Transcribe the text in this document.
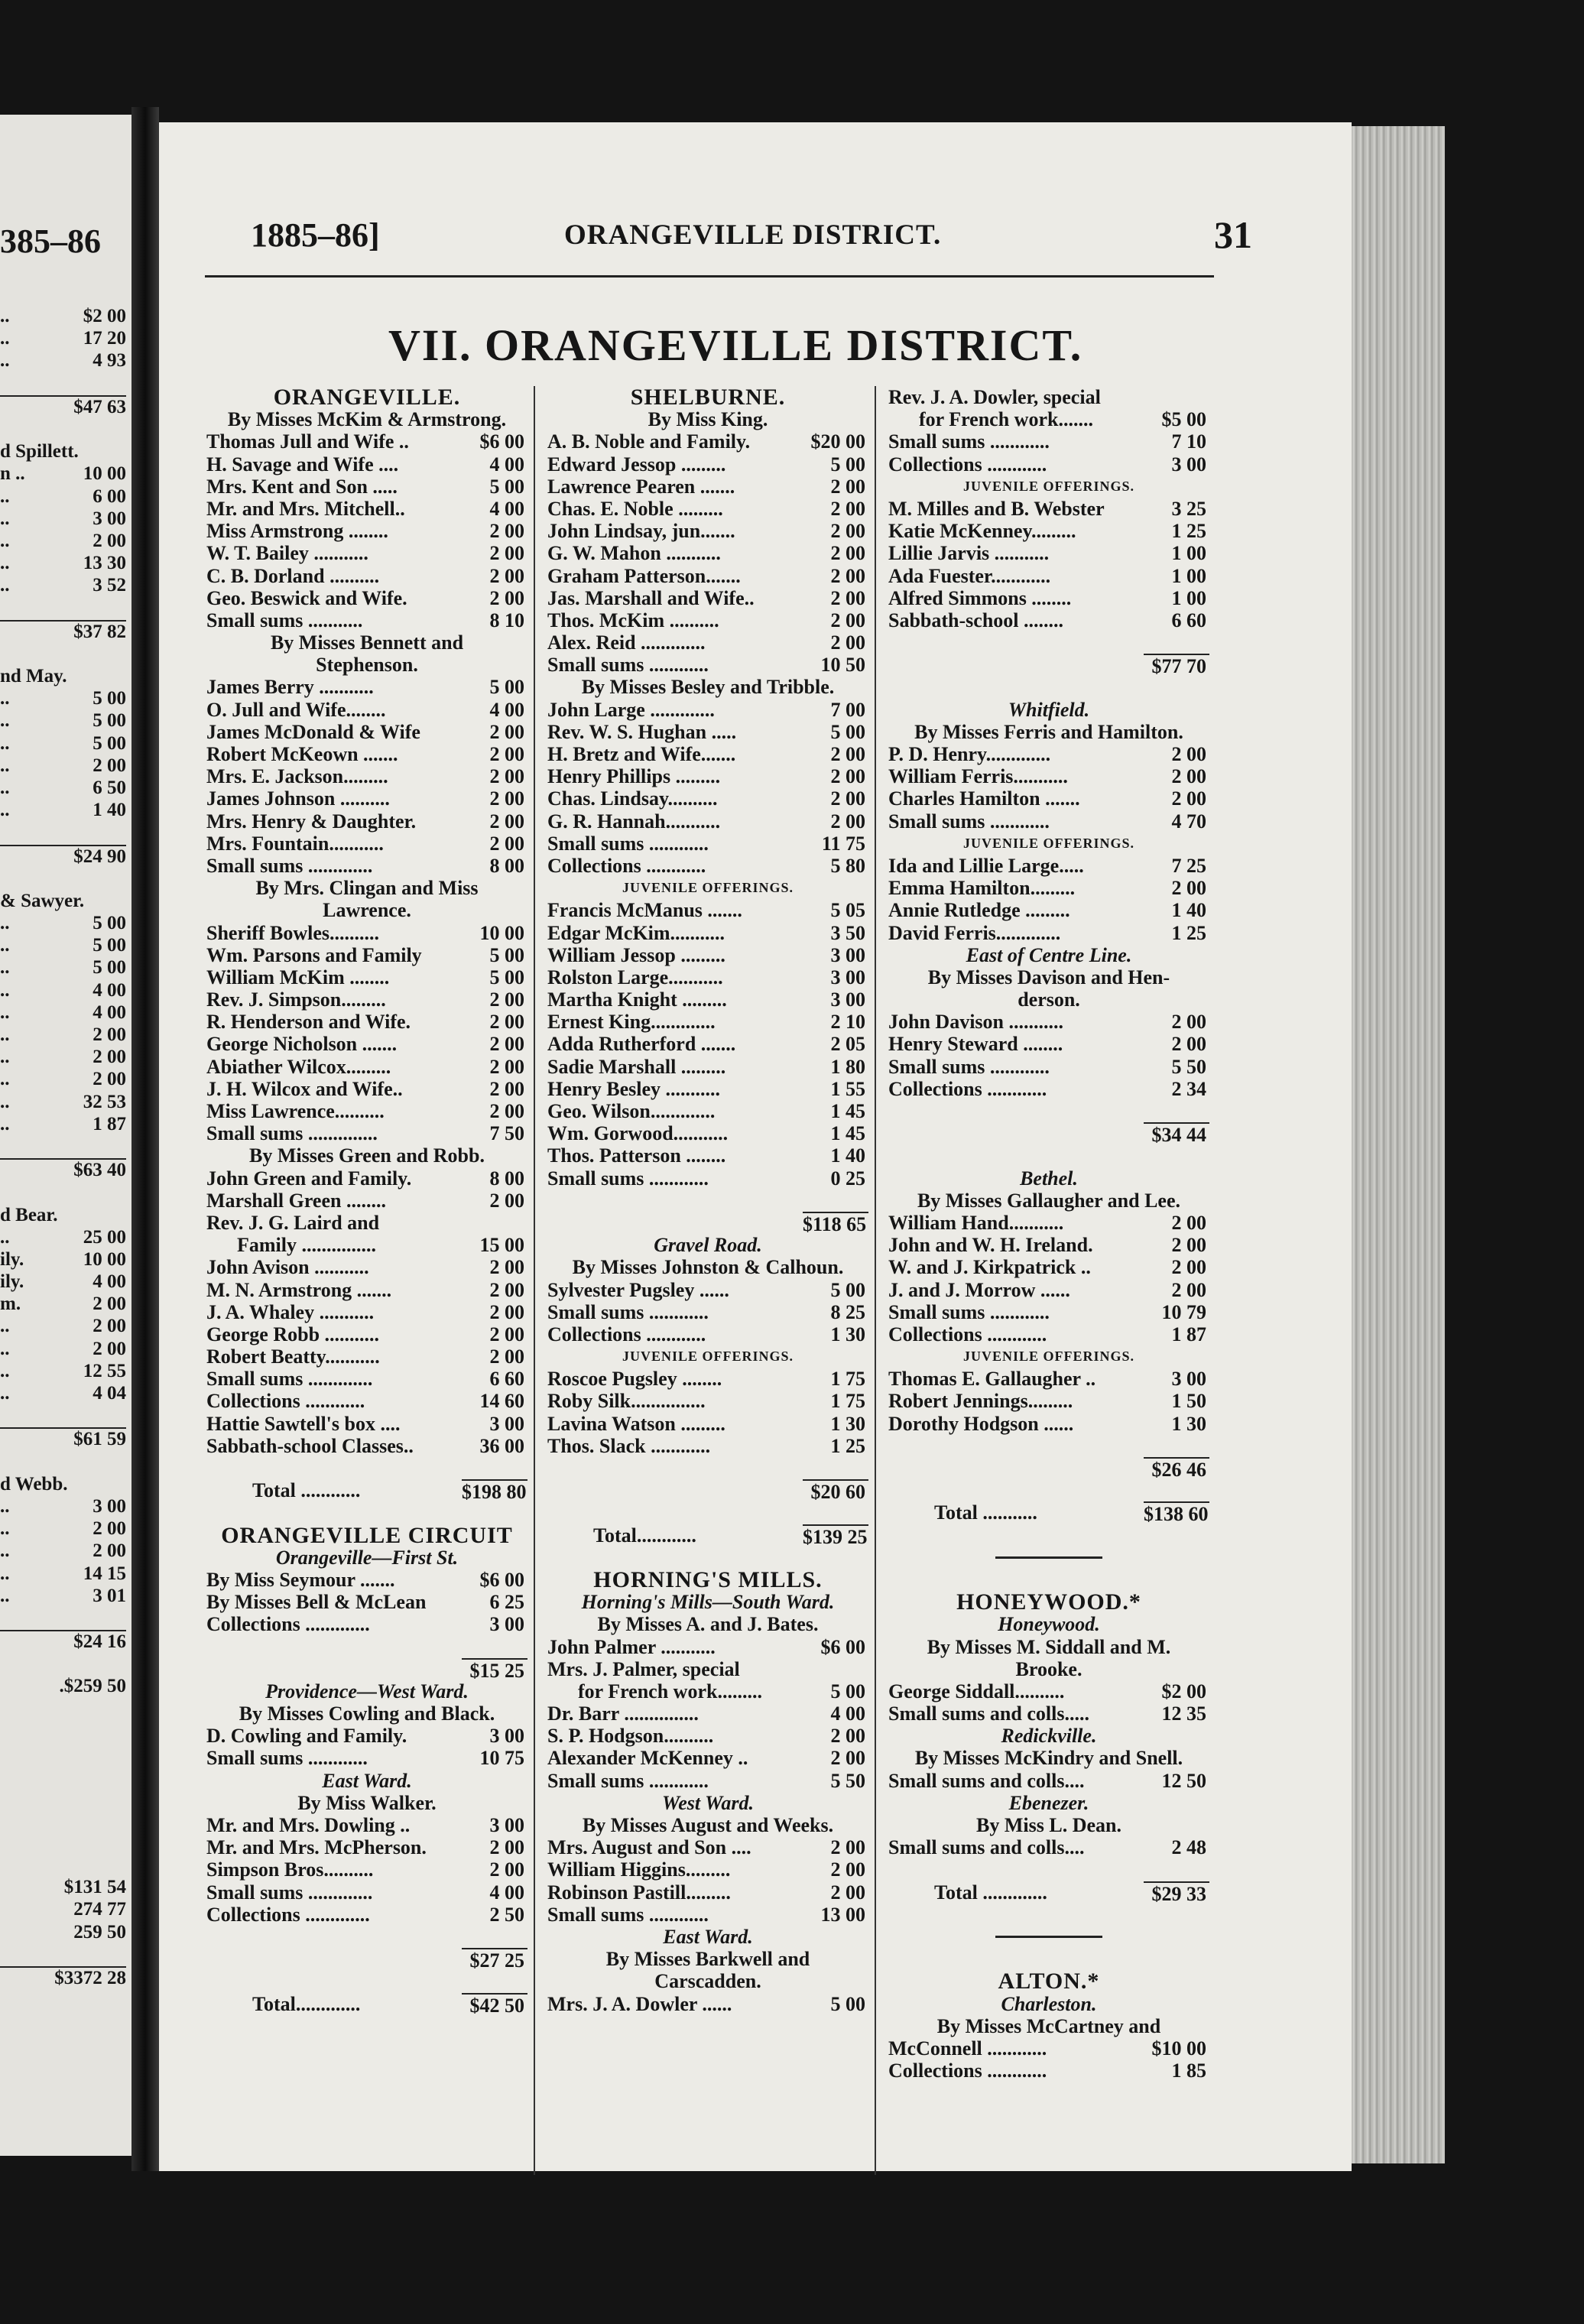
385–86
..	$2 00
..	17 20
..	4 93
$47 63
d Spillett.
n ..	10 00
..	6 00
..	3 00
..	2 00
..	13 30
..	3 52
$37 82
nd May.
..	5 00
..	5 00
..	5 00
..	2 00
..	6 50
..	1 40
$24 90
& Sawyer.
..	5 00
..	5 00
..	5 00
..	4 00
..	4 00
..	2 00
..	2 00
..	2 00
..	32 53
..	1 87
$63 40
d Bear.
..	25 00
ily.	10 00
ily.	4 00
m.	2 00
..	2 00
..	2 00
..	12 55
..	4 04
$61 59
d Webb.
..	3 00
..	2 00
..	2 00
..	14 15
..	3 01
$24 16
.$259 50
$131 54
274 77
259 50
$3372 28
1885–86]	ORANGEVILLE DISTRICT.	31
VII. ORANGEVILLE DISTRICT.
ORANGEVILLE.
By Misses McKim & Armstrong.
Thomas Jull and Wife ..	$6 00
H. Savage and Wife ....	4 00
Mrs. Kent and Son .....	5 00
Mr. and Mrs. Mitchell..	4 00
Miss Armstrong ........	2 00
W. T. Bailey ...........	2 00
C. B. Dorland ..........	2 00
Geo. Beswick and Wife.	2 00
Small sums ...........	8 10
By Misses Bennett and
Stephenson.
James Berry ...........	5 00
O. Jull and Wife........	4 00
James McDonald & Wife	2 00
Robert McKeown .......	2 00
Mrs. E. Jackson.........	2 00
James Johnson ..........	2 00
Mrs. Henry & Daughter.	2 00
Mrs. Fountain...........	2 00
Small sums .............	8 00
By Mrs. Clingan and Miss
Lawrence.
Sheriff Bowles..........	10 00
Wm. Parsons and Family	5 00
William McKim ........	5 00
Rev. J. Simpson.........	2 00
R. Henderson and Wife.	2 00
George Nicholson .......	2 00
Abiather Wilcox.........	2 00
J. H. Wilcox and Wife..	2 00
Miss Lawrence..........	2 00
Small sums ..............	7 50
By Misses Green and Robb.
John Green and Family.	8 00
Marshall Green ........	2 00
Rev. J. G. Laird and
Family ...............	15 00
John Avison ...........	2 00
M. N. Armstrong .......	2 00
J. A. Whaley ...........	2 00
George Robb ...........	2 00
Robert Beatty...........	2 00
Small sums .............	6 60
Collections ............	14 60
Hattie Sawtell's box ....	3 00
Sabbath-school Classes..	36 00
Total ............	$198 80
ORANGEVILLE CIRCUIT
Orangeville—First St.
By Miss Seymour .......	$6 00
By Misses Bell & McLean	6 25
Collections .............	3 00
$15 25
Providence—West Ward.
By Misses Cowling and Black.
D. Cowling and Family.	3 00
Small sums ............	10 75
East Ward.
By Miss Walker.
Mr. and Mrs. Dowling ..	3 00
Mr. and Mrs. McPherson.	2 00
Simpson Bros..........	2 00
Small sums .............	4 00
Collections .............	2 50
$27 25
Total.............	$42 50
SHELBURNE.
By Miss King.
A. B. Noble and Family.	$20 00
Edward Jessop .........	5 00
Lawrence Pearen .......	2 00
Chas. E. Noble .........	2 00
John Lindsay, jun.......	2 00
G. W. Mahon ...........	2 00
Graham Patterson.......	2 00
Jas. Marshall and Wife..	2 00
Thos. McKim ..........	2 00
Alex. Reid .............	2 00
Small sums ............	10 50
By Misses Besley and Tribble.
John Large .............	7 00
Rev. W. S. Hughan .....	5 00
H. Bretz and Wife.......	2 00
Henry Phillips .........	2 00
Chas. Lindsay..........	2 00
G. R. Hannah...........	2 00
Small sums ............	11 75
Collections ............	5 80
JUVENILE OFFERINGS.
Francis McManus .......	5 05
Edgar McKim...........	3 50
William Jessop .........	3 00
Rolston Large...........	3 00
Martha Knight .........	3 00
Ernest King.............	2 10
Adda Rutherford .......	2 05
Sadie Marshall .........	1 80
Henry Besley ...........	1 55
Geo. Wilson.............	1 45
Wm. Gorwood...........	1 45
Thos. Patterson ........	1 40
Small sums ............	0 25
$118 65
Gravel Road.
By Misses Johnston & Calhoun.
Sylvester Pugsley ......	5 00
Small sums ............	8 25
Collections ............	1 30
JUVENILE OFFERINGS.
Roscoe Pugsley ........	1 75
Roby Silk...............	1 75
Lavina Watson .........	1 30
Thos. Slack ............	1 25
$20 60
Total............	$139 25
HORNING'S MILLS.
Horning's Mills—South Ward.
By Misses A. and J. Bates.
John Palmer ...........	$6 00
Mrs. J. Palmer, special
for French work.........	5 00
Dr. Barr ...............	4 00
S. P. Hodgson..........	2 00
Alexander McKenney ..	2 00
Small sums ............	5 50
West Ward.
By Misses August and Weeks.
Mrs. August and Son ....	2 00
William Higgins.........	2 00
Robinson Pastill.........	2 00
Small sums ............	13 00
East Ward.
By Misses Barkwell and
Carscadden.
Mrs. J. A. Dowler ......	5 00
Rev. J. A. Dowler, special
for French work.......	$5 00
Small sums ............	7 10
Collections ............	3 00
JUVENILE OFFERINGS.
M. Milles and B. Webster	3 25
Katie McKenney.........	1 25
Lillie Jarvis ...........	1 00
Ada Fuester............	1 00
Alfred Simmons ........	1 00
Sabbath-school ........	6 60
$77 70
Whitfield.
By Misses Ferris and Hamilton.
P. D. Henry.............	2 00
William Ferris...........	2 00
Charles Hamilton .......	2 00
Small sums ............	4 70
JUVENILE OFFERINGS.
Ida and Lillie Large.....	7 25
Emma Hamilton.........	2 00
Annie Rutledge .........	1 40
David Ferris.............	1 25
East of Centre Line.
By Misses Davison and Hen-
derson.
John Davison ...........	2 00
Henry Steward ........	2 00
Small sums ............	5 50
Collections ............	2 34
$34 44
Bethel.
By Misses Gallaugher and Lee.
William Hand...........	2 00
John and W. H. Ireland.	2 00
W. and J. Kirkpatrick ..	2 00
J. and J. Morrow ......	2 00
Small sums ............	10 79
Collections ............	1 87
JUVENILE OFFERINGS.
Thomas E. Gallaugher ..	3 00
Robert Jennings.........	1 50
Dorothy Hodgson ......	1 30
$26 46
Total ...........	$138 60
HONEYWOOD.*
Honeywood.
By Misses M. Siddall and M.
Brooke.
George Siddall..........	$2 00
Small sums and colls.....	12 35
Redickville.
By Misses McKindry and Snell.
Small sums and colls....	12 50
Ebenezer.
By Miss L. Dean.
Small sums and colls....	2 48
Total .............	$29 33
ALTON.*
Charleston.
By Misses McCartney and
McConnell ............	$10 00
Collections ............	1 85
